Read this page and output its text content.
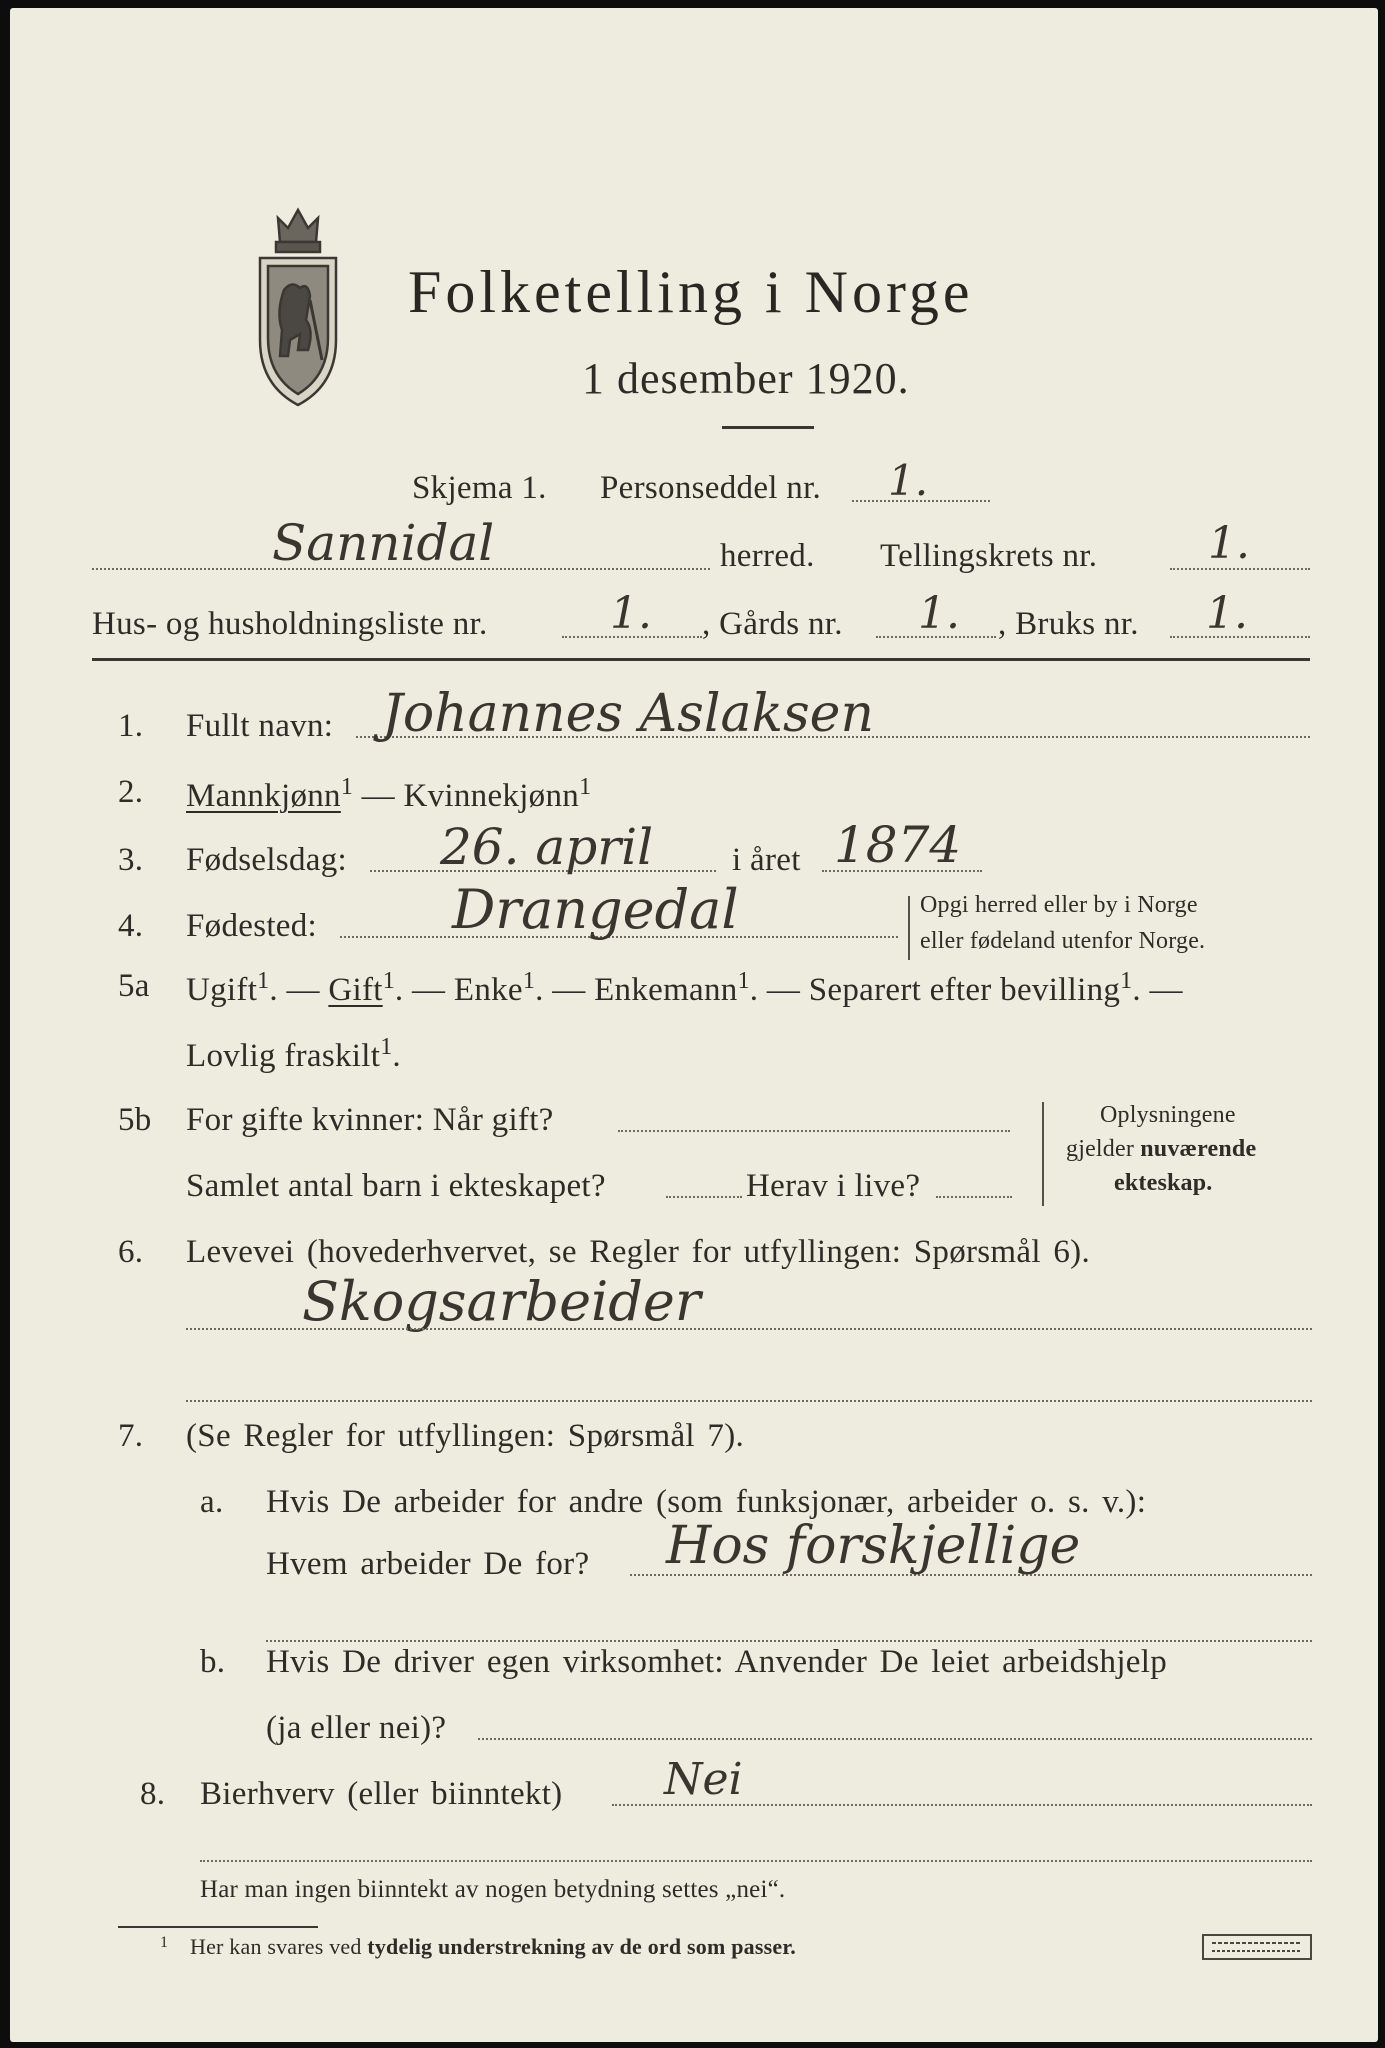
Folketelling i Norge
1 desember 1920.
Skjema 1. Personseddel nr. 1.
Sannidal	herred. Tellingskrets nr.	1.
Hus- og husholdningsliste nr.	1. , Gårds nr. 1. , Bruks nr. 1.
1. Fullt navn: Johannes Aslaksen
2. Mannkjønn$^1$ — Kvinnekjønn$^1$
3. Fødselsdag: 26. april i året 1874
4. Fødested: Drangedal	Opgi herred eller by i Norge
eller fødeland utenfor Norge.
5a Ugift$^1$. — Gift$^1$. — Enke$^1$. — Enkemann$^1$. — Separert efter bevilling$^1$. —
Lovlig fraskilt$^1$.
5b For gifte kvinner: Når gift?
Samlet antal barn i ekteskapet?	Herav i live?
Oplysningene
gjelder nuværende
ekteskap.
6. Levevei (hovederhvervet, se Regler for utfyllingen: Spørsmål 6).
Skogsarbeider
7. (Se Regler for utfyllingen: Spørsmål 7).
a. Hvis De arbeider for andre (som funksjonær, arbeider o. s. v.):
Hvem arbeider De for? Hos forskjellige
b. Hvis De driver egen virksomhet: Anvender De leiet arbeidshjelp
(ja eller nei)?
8. Bierhverv (eller biinntekt) Nei
Har man ingen biinntekt av nogen betydning settes „nei“.
1 Her kan svares ved tydelig understrekning av de ord som passer.
